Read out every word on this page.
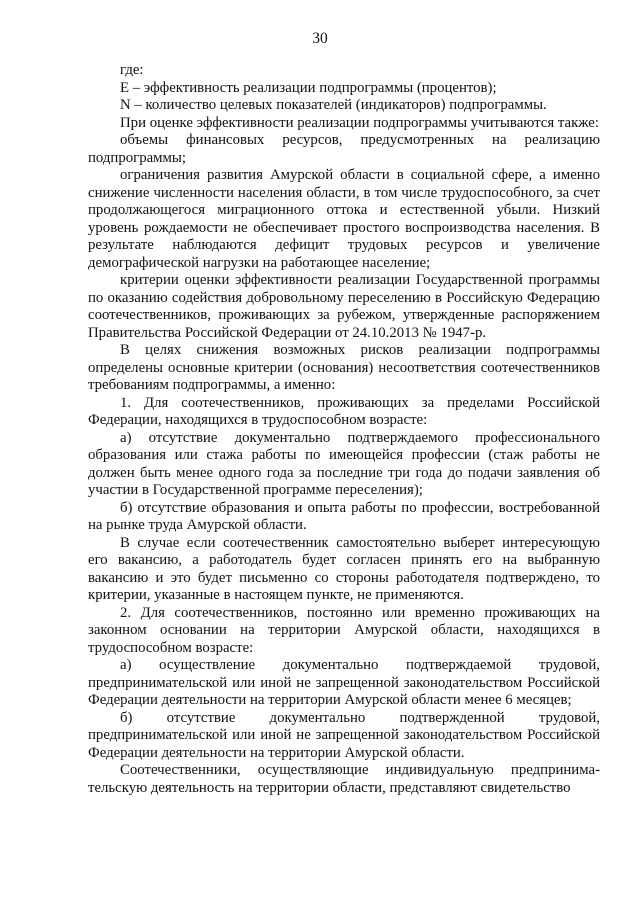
30

где:

E – эффективность реализации подпрограммы (процентов);

N – количество целевых показателей (индикаторов) подпрограммы.

При оценке эффективности реализации подпрограммы учитываются также:

объемы финансовых ресурсов, предусмотренных на реализацию подпрограммы;

ограничения развития Амурской области в социальной сфере, а именно снижение численности населения области, в том числе трудоспособного, за счет продолжающегося миграционного оттока и естественной убыли. Низкий уровень рождаемости не обеспечивает простого воспроизводства населения. В результате наблюдаются дефицит трудовых ресурсов и увеличение демографической нагрузки на работающее население;

критерии оценки эффективности реализации Государственной программы по оказанию содействия добровольному переселению в Российскую Федерацию соотечественников, проживающих за рубежом, утвержденные распоряжением Правительства Российской Федерации от 24.10.2013 № 1947-р.

В целях снижения возможных рисков реализации подпрограммы определены основные критерии (основания) несоответствия соотечественников требованиям подпрограммы, а именно:

1. Для соотечественников, проживающих за пределами Российской Федерации, находящихся в трудоспособном возрасте:

а) отсутствие документально подтверждаемого профессионального образования или стажа работы по имеющейся профессии (стаж работы не должен быть менее одного года за последние три года до подачи заявления об участии в Государственной программе переселения);

б) отсутствие образования и опыта работы по профессии, востребованной на рынке труда Амурской области.

В случае если соотечественник самостоятельно выберет интересующую его вакансию, а работодатель будет согласен принять его на выбранную вакансию и это будет письменно со стороны работодателя подтверждено, то критерии, указанные в настоящем пункте, не применяются.

2. Для соотечественников, постоянно или временно проживающих на законном основании на территории Амурской области, находящихся в трудоспособном возрасте:

а) осуществление документально подтверждаемой трудовой, предпринимательской или иной не запрещенной законодательством Российской Федерации деятельности на территории Амурской области менее 6 месяцев;

б) отсутствие документально подтвержденной трудовой, предпринимательской или иной не запрещенной законодательством Российской Федерации деятельности на территории Амурской области.

Соотечественники, осуществляющие индивидуальную предпринимательскую деятельность на территории области, представляют свидетельство
